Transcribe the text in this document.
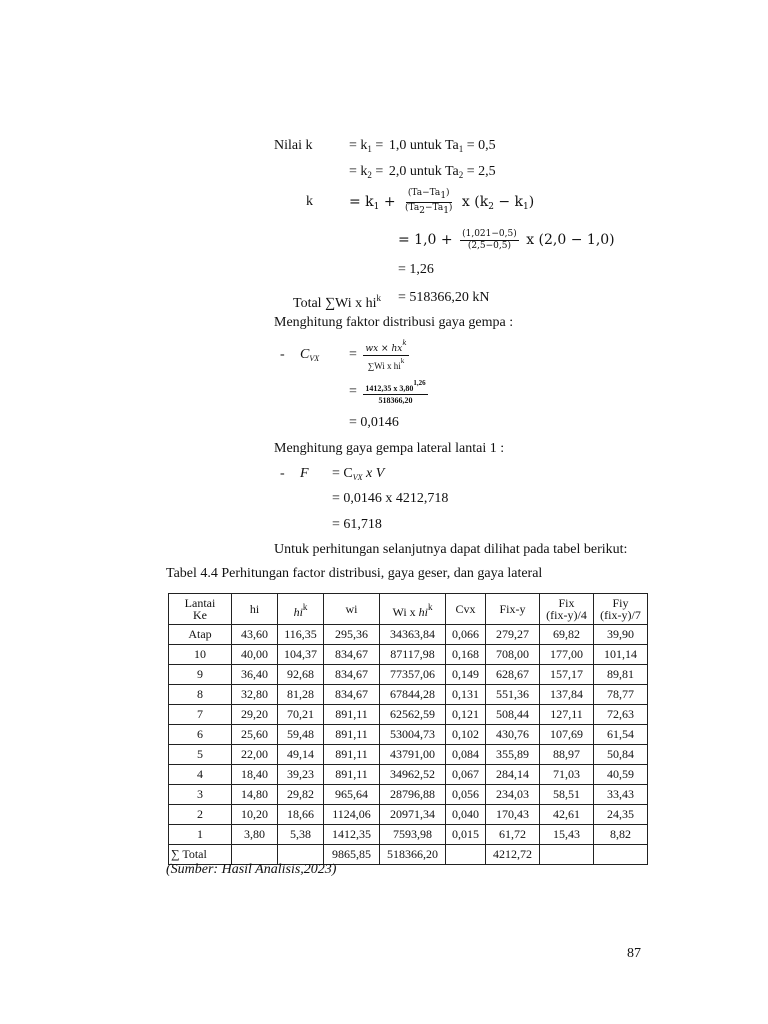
Nilai k	= $k_1 = 1,0$ untuk $Ta_1 = 0,5$
= $k_2 = 2,0$ untuk $Ta_2 = 2,5$
k	= $k_1 + \frac{(Ta-Ta1)}{(Ta2-Ta1)}$ x $(k_2 - k_1)$
= $1,0 + \frac{(1,021-0,5)}{(2,5-0,5)}$ x (2,0 − 1,0)
= 1,26
Total ∑Wi x $hi^k = 518366,20$ kN
Menghitung faktor distribusi gaya gempa :
- $C_{VX} = \frac{wx \times hx^k}{\sum Wi x hi^k}$
= $\frac{1412,35 x 3,801,26}{518366,20}$
= 0,0146
Menghitung gaya gempa lateral lantai 1 :
- $F = C_{VX}$ x V
= 0,0146 x 4212,718
= 61,718
Untuk perhitungan selanjutnya dapat dilihat pada tabel berikut:
Tabel 4.4 Perhitungan factor distribusi, gaya geser, dan gaya lateral
Lantai
Ke	hi	$hi^k$	wi	Wi x $hi^k$	Cvx	Fix-y	Fix
(fix-y)/4	Fiy
(fix-y)/7
Atap	43,60	116,35	295,36	34363,84	0,066	279,27	69,82	39,90
10	40,00	104,37	834,67	87117,98	0,168	708,00	177,00	101,14
9	36,40	92,68	834,67	77357,06	0,149	628,67	157,17	89,81
8	32,80	81,28	834,67	67844,28	0,131	551,36	137,84	78,77
7	29,20	70,21	891,11	62562,59	0,121	508,44	127,11	72,63
6	25,60	59,48	891,11	53004,73	0,102	430,76	107,69	61,54
5	22,00	49,14	891,11	43791,00	0,084	355,89	88,97	50,84
4	18,40	39,23	891,11	34962,52	0,067	284,14	71,03	40,59
3	14,80	29,82	965,64	28796,88	0,056	234,03	58,51	33,43
2	10,20	18,66	1124,06	20971,34	0,040	170,43	42,61	24,35
1	3,80	5,38	1412,35	7593,98	0,015	61,72	15,43	8,82
∑ Total			9865,85	518366,20		4212,72		
(Sumber: Hasil Analisis,2023)
87
